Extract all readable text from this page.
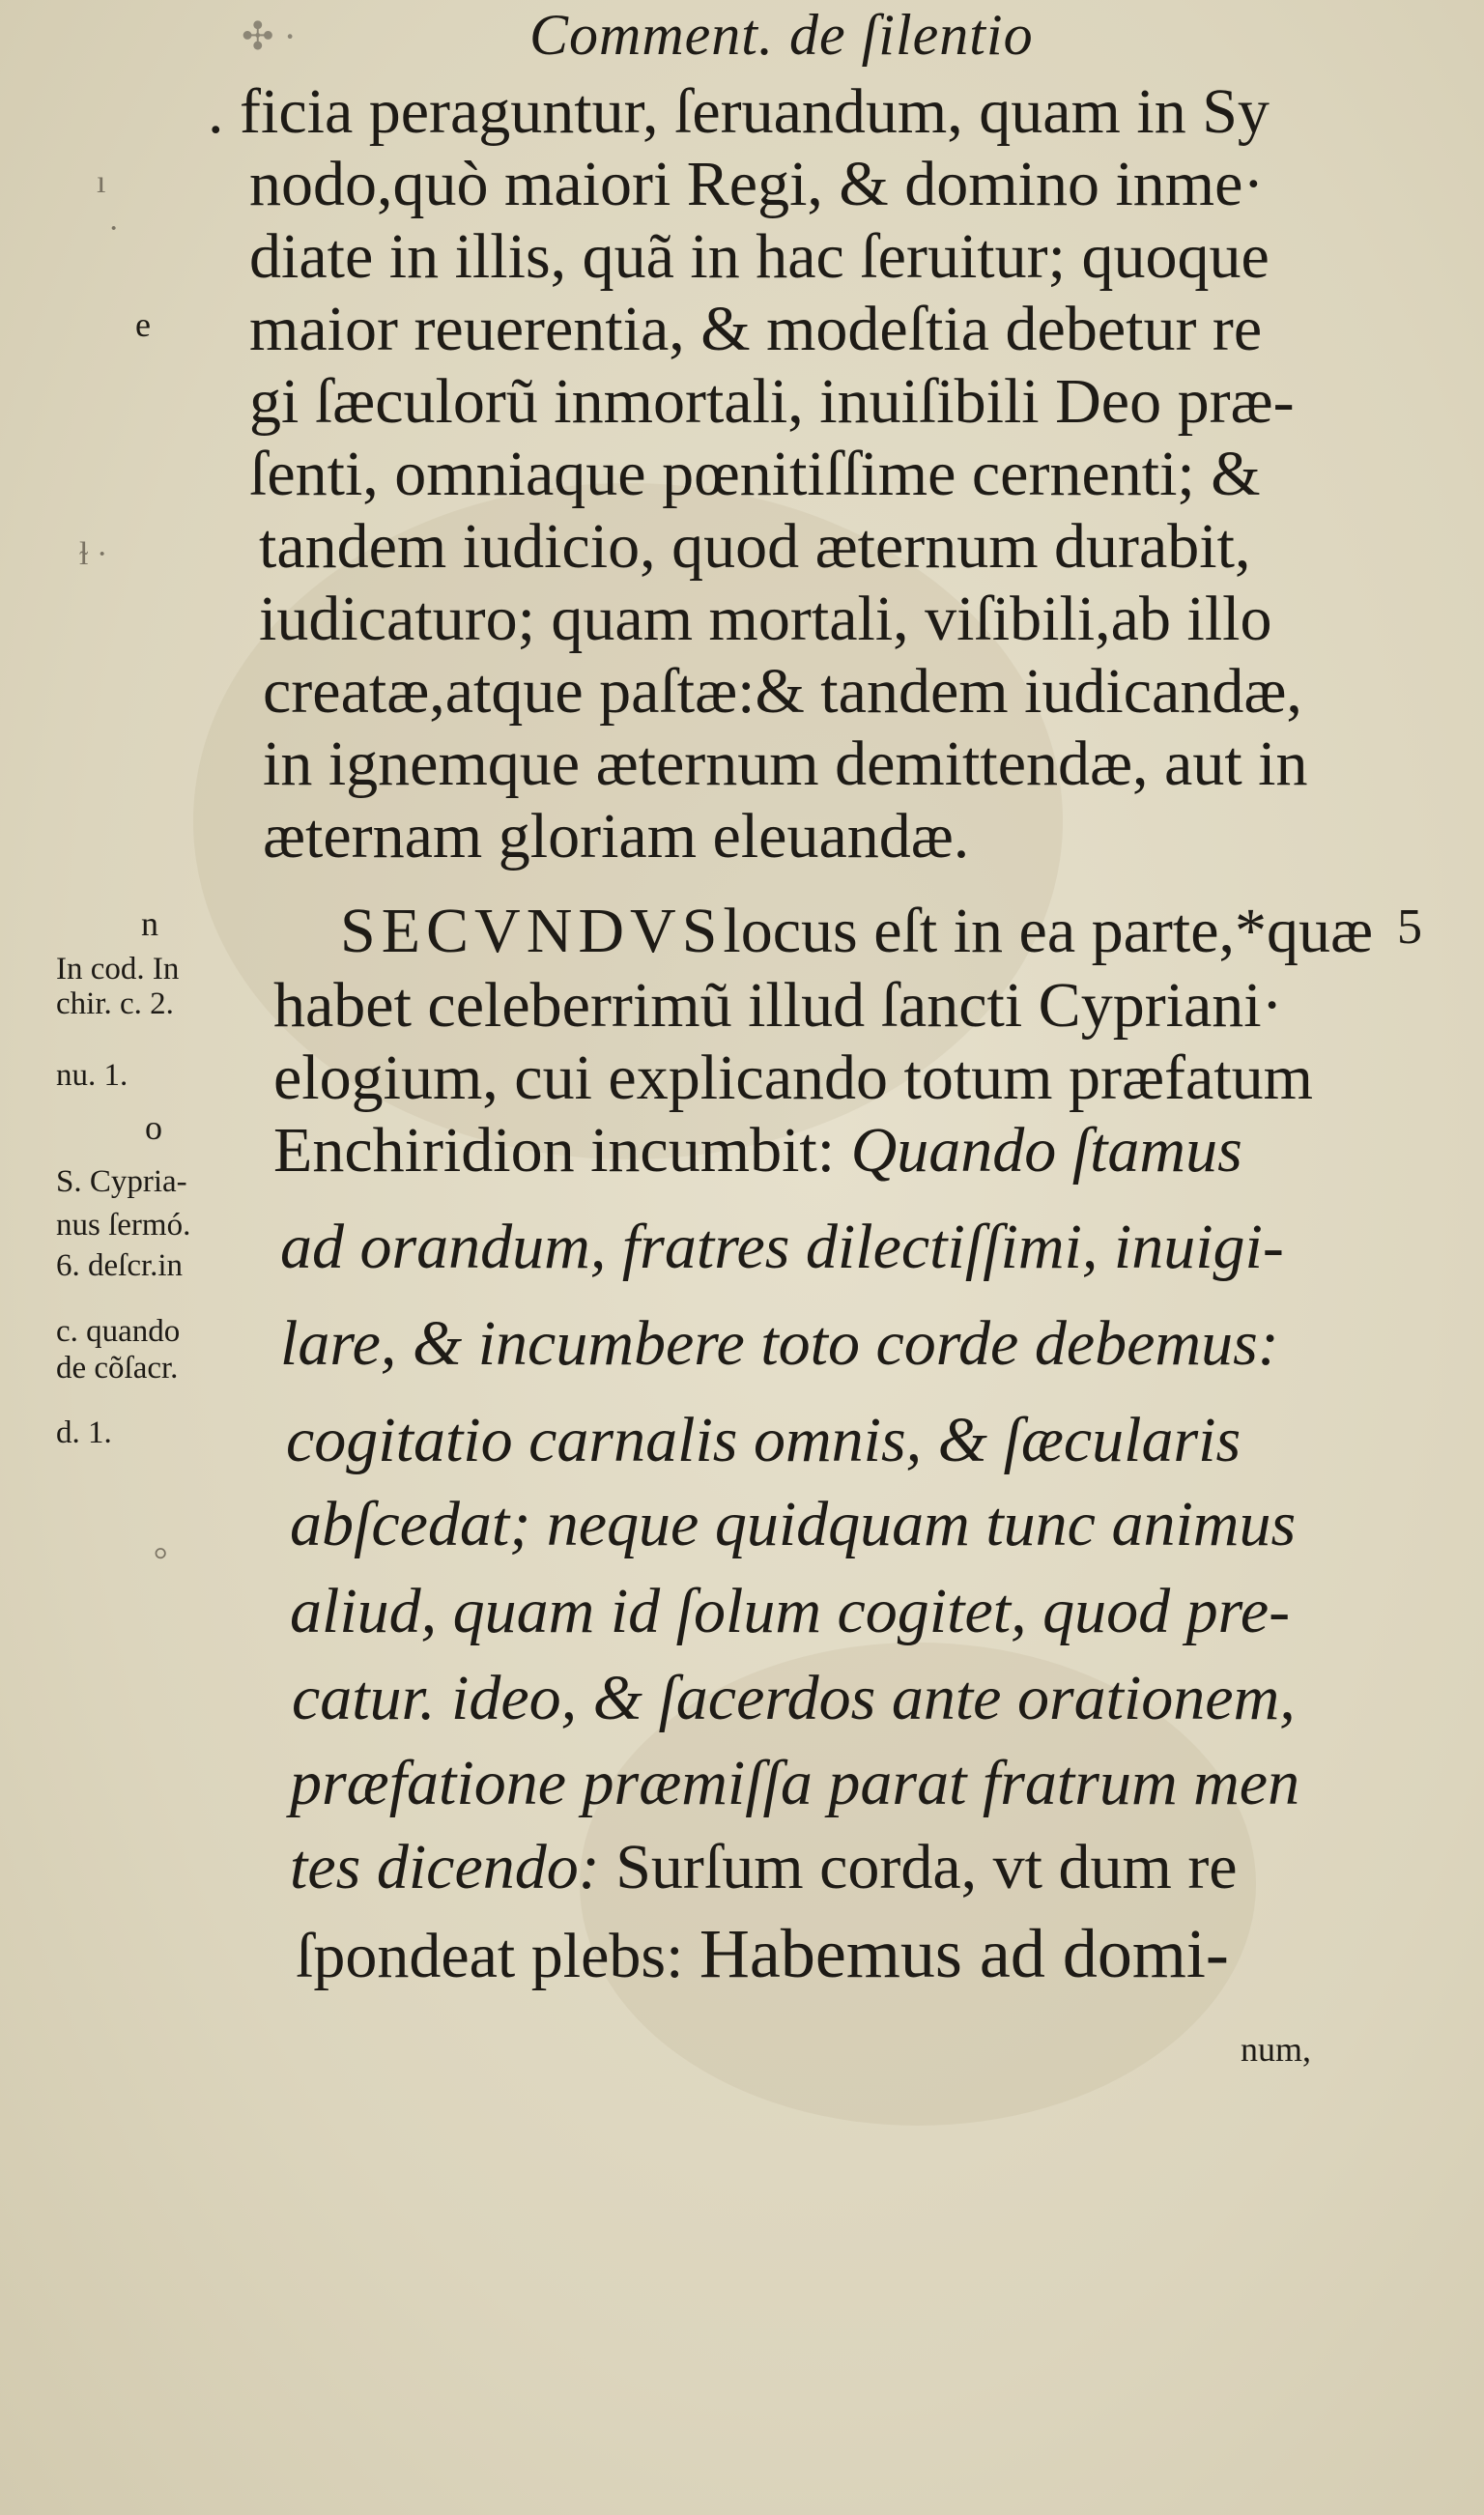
✣ ·	Comment. de ſilentio
. ficia peraguntur, ſeruandum, quam in Sy
nodo,quò maiori Regi, & domino inme·
diate in illis, quã in hac ſeruitur; quoque
maior reuerentia, & modeſtia debetur re
gi ſæculorũ inmortali, inuiſibili Deo præ-
ſenti, omniaque pœnitiſſime cernenti; &
tandem iudicio, quod æternum durabit,
iudicaturo; quam mortali, viſibili,ab illo
creatæ,atque paſtæ:& tandem iudicandæ,
in ignemque æternum demittendæ, aut in
æternam gloriam eleuandæ.
SECVNDVSlocus eſt in ea parte,*quæ
habet celeberrimũ illud ſancti Cypriani·
elogium, cui explicando totum præfatum
Enchiridion incumbit: Quando ſtamus
ad orandum, fratres dilectiſſimi, inuigi-
lare, & incumbere toto corde debemus:
cogitatio carnalis omnis, & ſæcularis
abſcedat; neque quidquam tunc animus
aliud, quam id ſolum cogitet, quod pre-
catur. ideo, & ſacerdos ante orationem,
præfatione præmiſſa parat fratrum men
tes dicendo: Surſum corda, vt dum re
ſpondeat plebs: Habemus ad domi-
num,
5
e
n
o
ı
·
ɫ ·
◦
In cod. In
chir. c. 2.
nu. 1.
S. Cypria-
nus ſermó.
6. deſcr.in
c. quando
de cõſacr.
d. 1.
